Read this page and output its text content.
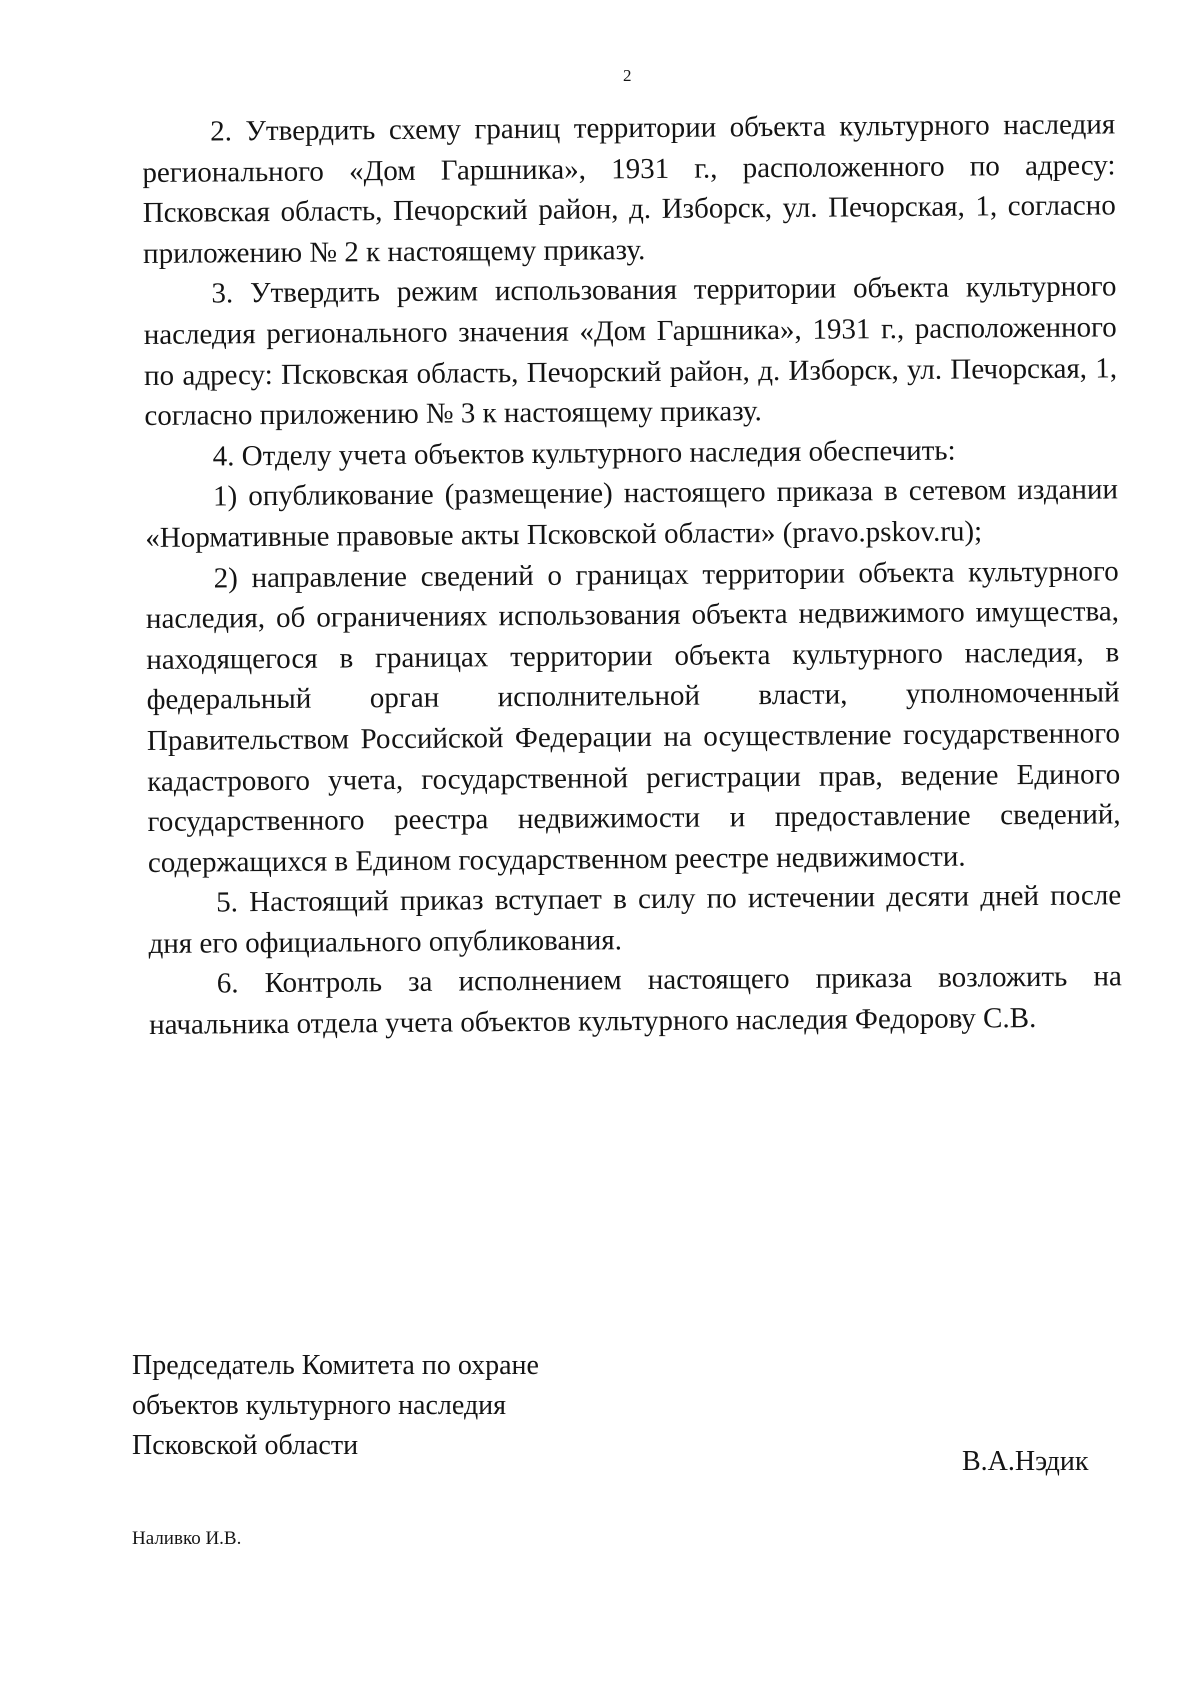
2

2. Утвердить схему границ территории объекта культурного наследия регионального «Дом Гаршника», 1931 г., расположенного по адресу: Псковская область, Печорский район, д. Изборск, ул. Печорская, 1, согласно приложению № 2 к настоящему приказу.

3. Утвердить режим использования территории объекта культурного наследия регионального значения «Дом Гаршника», 1931 г., расположенного по адресу: Псковская область, Печорский район, д. Изборск, ул. Печорская, 1, согласно приложению № 3 к настоящему приказу.

4. Отделу учета объектов культурного наследия обеспечить:

1) опубликование (размещение) настоящего приказа в сетевом издании «Нормативные правовые акты Псковской области» (pravo.pskov.ru);

2) направление сведений о границах территории объекта культурного наследия, об ограничениях использования объекта недвижимого имущества, находящегося в границах территории объекта культурного наследия, в федеральный орган исполнительной власти, уполномоченный Правительством Российской Федерации на осуществление государственного кадастрового учета, государственной регистрации прав, ведение Единого государственного реестра недвижимости и предоставление сведений, содержащихся в Едином государственном реестре недвижимости.

5. Настоящий приказ вступает в силу по истечении десяти дней после дня его официального опубликования.

6. Контроль за исполнением настоящего приказа возложить на начальника отдела учета объектов культурного наследия Федорову С.В.

Председатель Комитета по охране
объектов культурного наследия
Псковской области
В.А.Нэдик
Наливко И.В.
